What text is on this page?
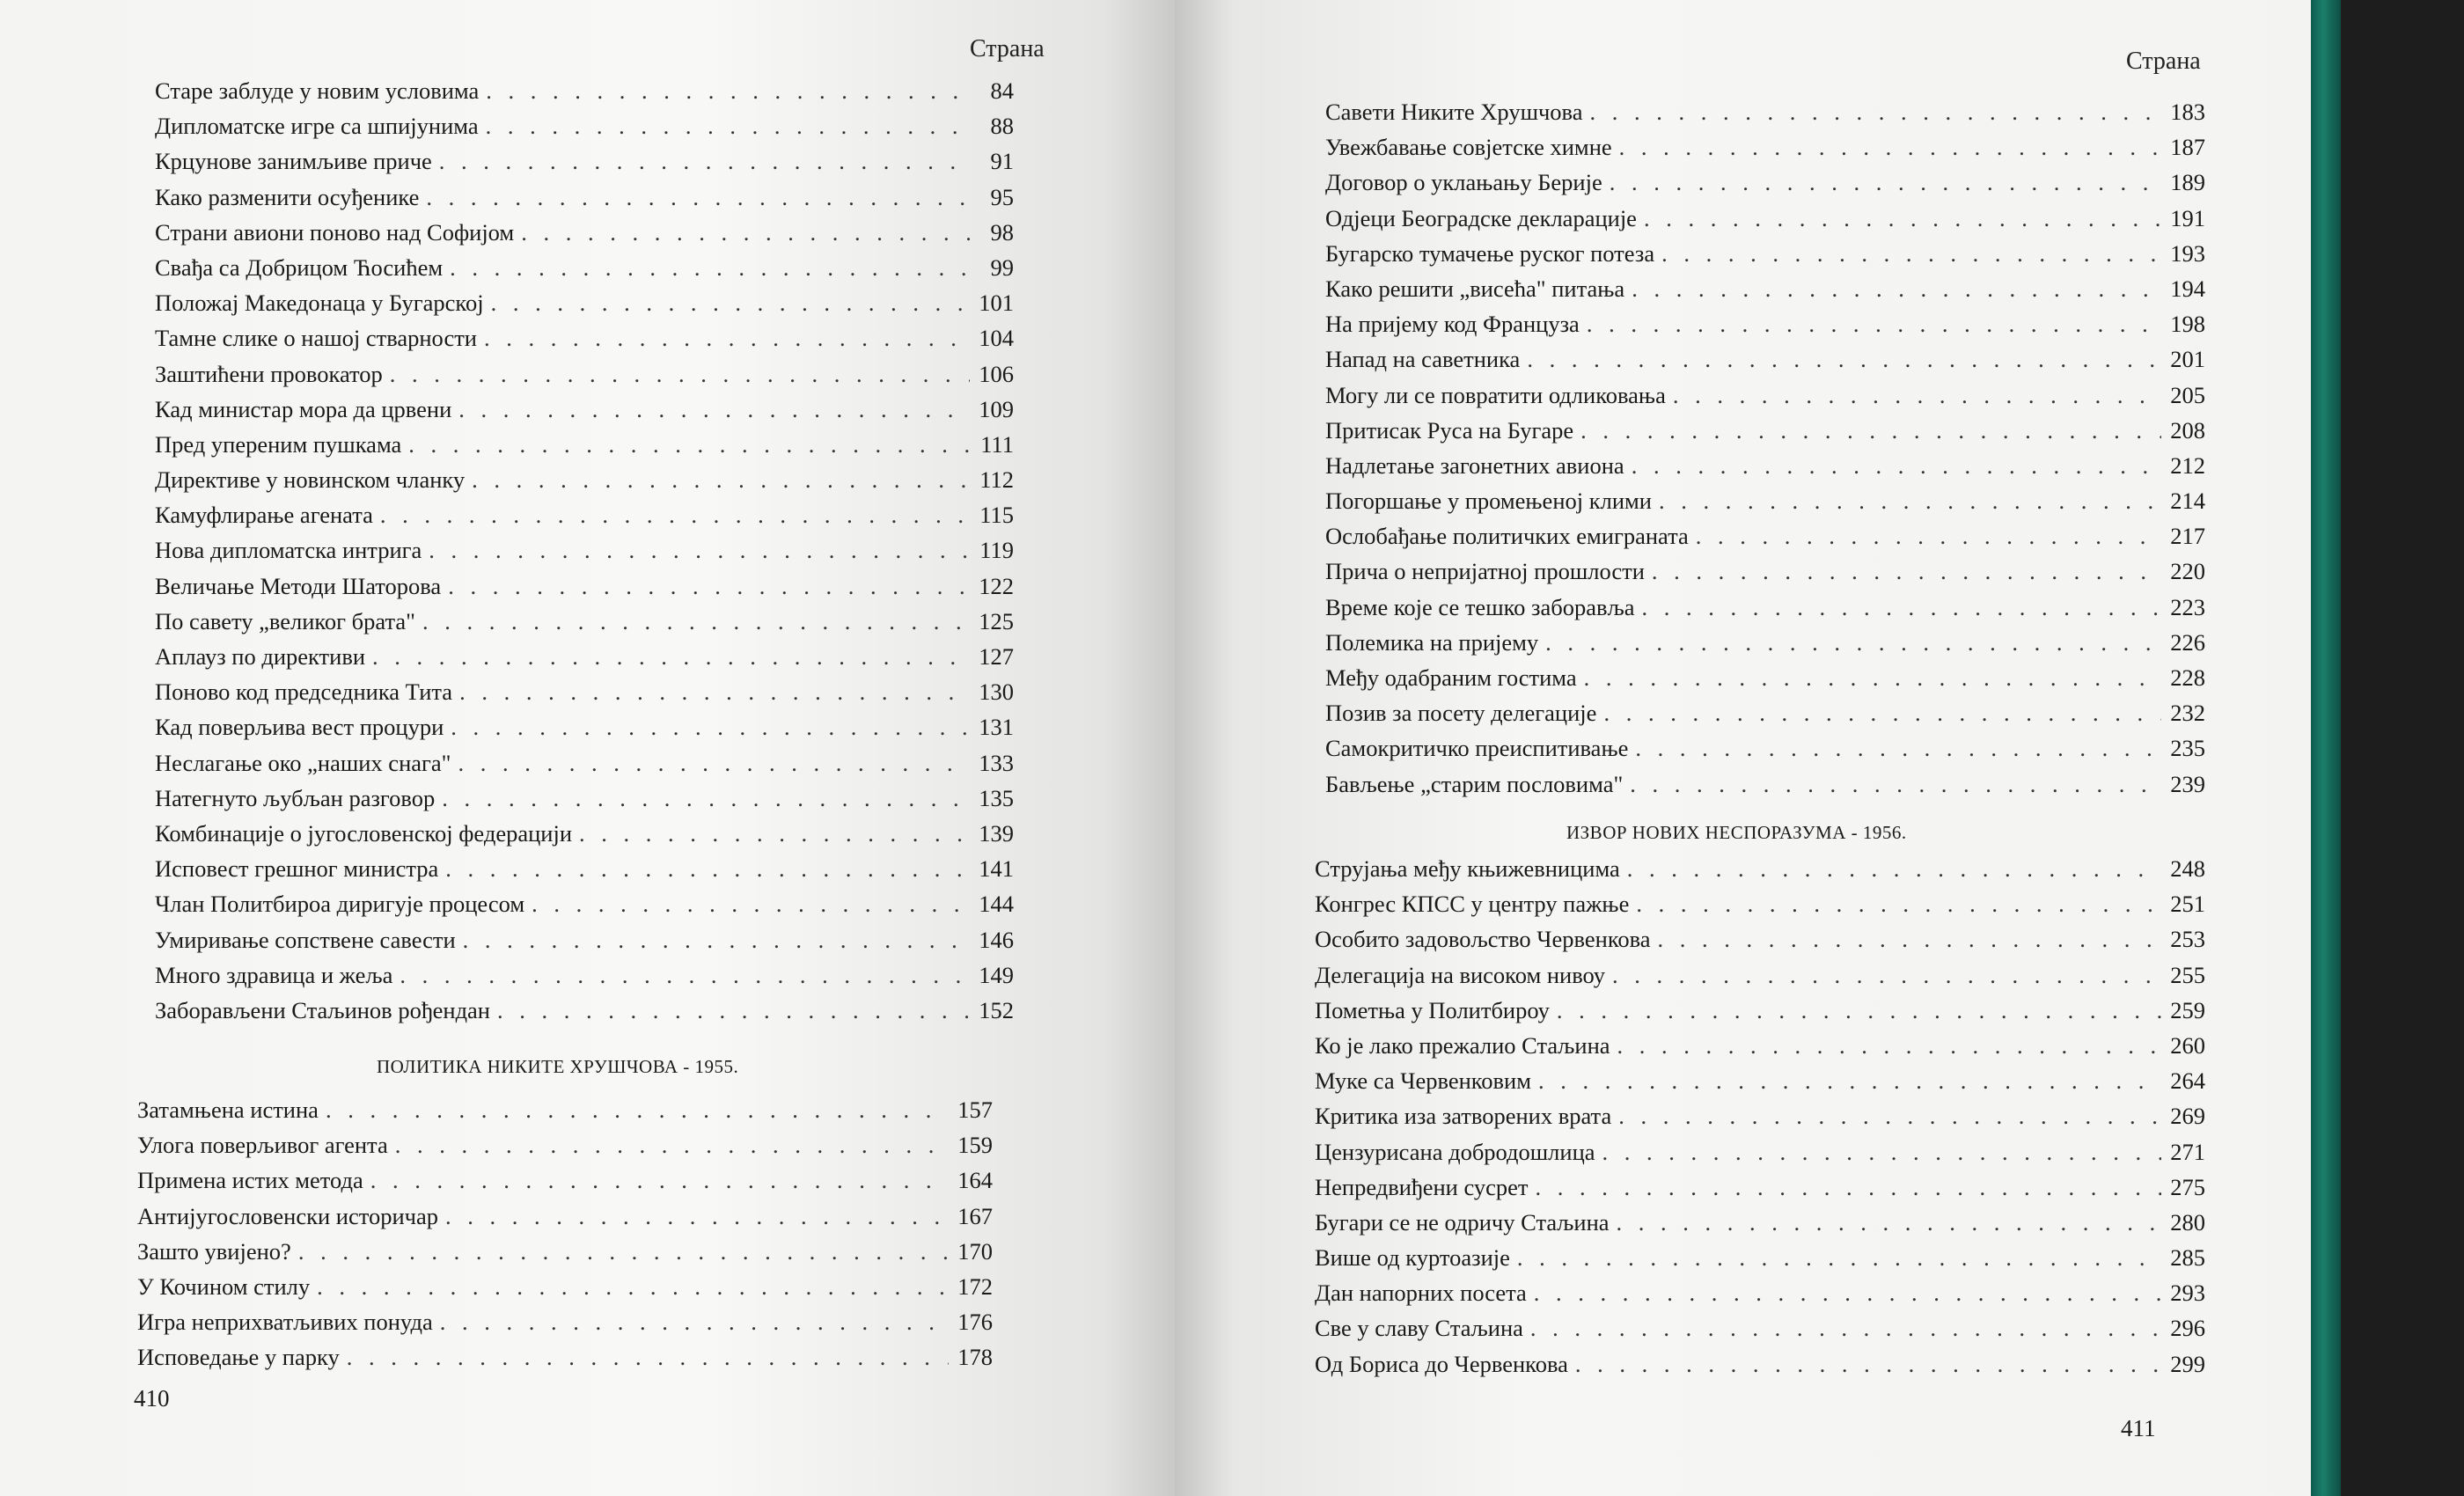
Страна
Старе заблуде у новим условима . . .	84
Дипломатске игре са шпијунима . . .	88
Крцунове занимљиве приче . . .	91
Како разменити осуђенике . . .	95
Страни авиони поново над Софијом . . .	98
Свађа са Добрицом Ћосићем . . .	99
Положај Македонаца у Бугарској . . .	101
Тамне слике о нашој стварности . . .	104
Заштићени провокатор . . .	106
Кад министар мора да црвени . . .	109
Пред упереним пушкама . . .	111
Директиве у новинском чланку . . .	112
Камуфлирање агената . . .	115
Нова дипломатска интрига . . .	119
Величање Методи Шаторова . . .	122
По савету „великог брата" . . .	125
Аплауз по директиви . . .	127
Поново код председника Тита . . .	130
Кад поверљива вест процури . . .	131
Неслагање око „наших снага" . . .	133
Натегнуто љубљан разговор . . .	135
Комбинације о југословенској федерацији . . .	139
Исповест грешног министра . . .	141
Члан Политбироа диригује процесом . . .	144
Умиривање сопствене савести . . .	146
Много здравица и жеља . . .	149
Заборављени Стаљинов рођендан . . .	152
ПОЛИТИКА НИКИТЕ ХРУШЧОВА - 1955.
Затамњена истина . . .	157
Улога поверљивог агента . . .	159
Примена истих метода . . .	164
Антијугословенски историчар . . .	167
Зашто увијено? . . .	170
У Кочином стилу . . .	172
Игра неприхватљивих понуда . . .	176
Исповедање у парку . . .	178
410
Страна
Савети Никите Хрушчова . . .	183
Увежбавање совјетске химне . . .	187
Договор о уклањању Берије . . .	189
Одјеци Београдске декларације . . .	191
Бугарско тумачење руског потеза . . .	193
Како решити „висећа" питања . . .	194
На пријему код Француза . . .	198
Напад на саветника . . .	201
Могу ли се повратити одликовања . . .	205
Притисак Руса на Бугаре . . .	208
Надлетање загонетних авиона . . .	212
Погоршање у промењеној клими . . .	214
Ослобађање политичких емиграната . . .	217
Прича о непријатној прошлости . . .	220
Време које се тешко заборавља . . .	223
Полемика на пријему . . .	226
Међу одабраним гостима . . .	228
Позив за посету делегације . . .	232
Самокритичко преиспитивање . . .	235
Бављење „старим пословима" . . .	239
ИЗВОР НОВИХ НЕСПОРАЗУМА - 1956.
Струјања међу књижевницима . . .	248
Конгрес КПСС у центру пажње . . .	251
Особито задовољство Червенкова . . .	253
Делегација на високом нивоу . . .	255
Пометња у Политбироу . . .	259
Ко је лако прежалио Стаљина . . .	260
Муке са Червенковим . . .	264
Критика иза затворених врата . . .	269
Цензурисана добродошлица . . .	271
Непредвиђени сусрет . . .	275
Бугари се не одричу Стаљина . . .	280
Више од куртоазије . . .	285
Дан напорних посета . . .	293
Све у славу Стаљина . . .	296
Од Бориса до Червенкова . . .	299
411
